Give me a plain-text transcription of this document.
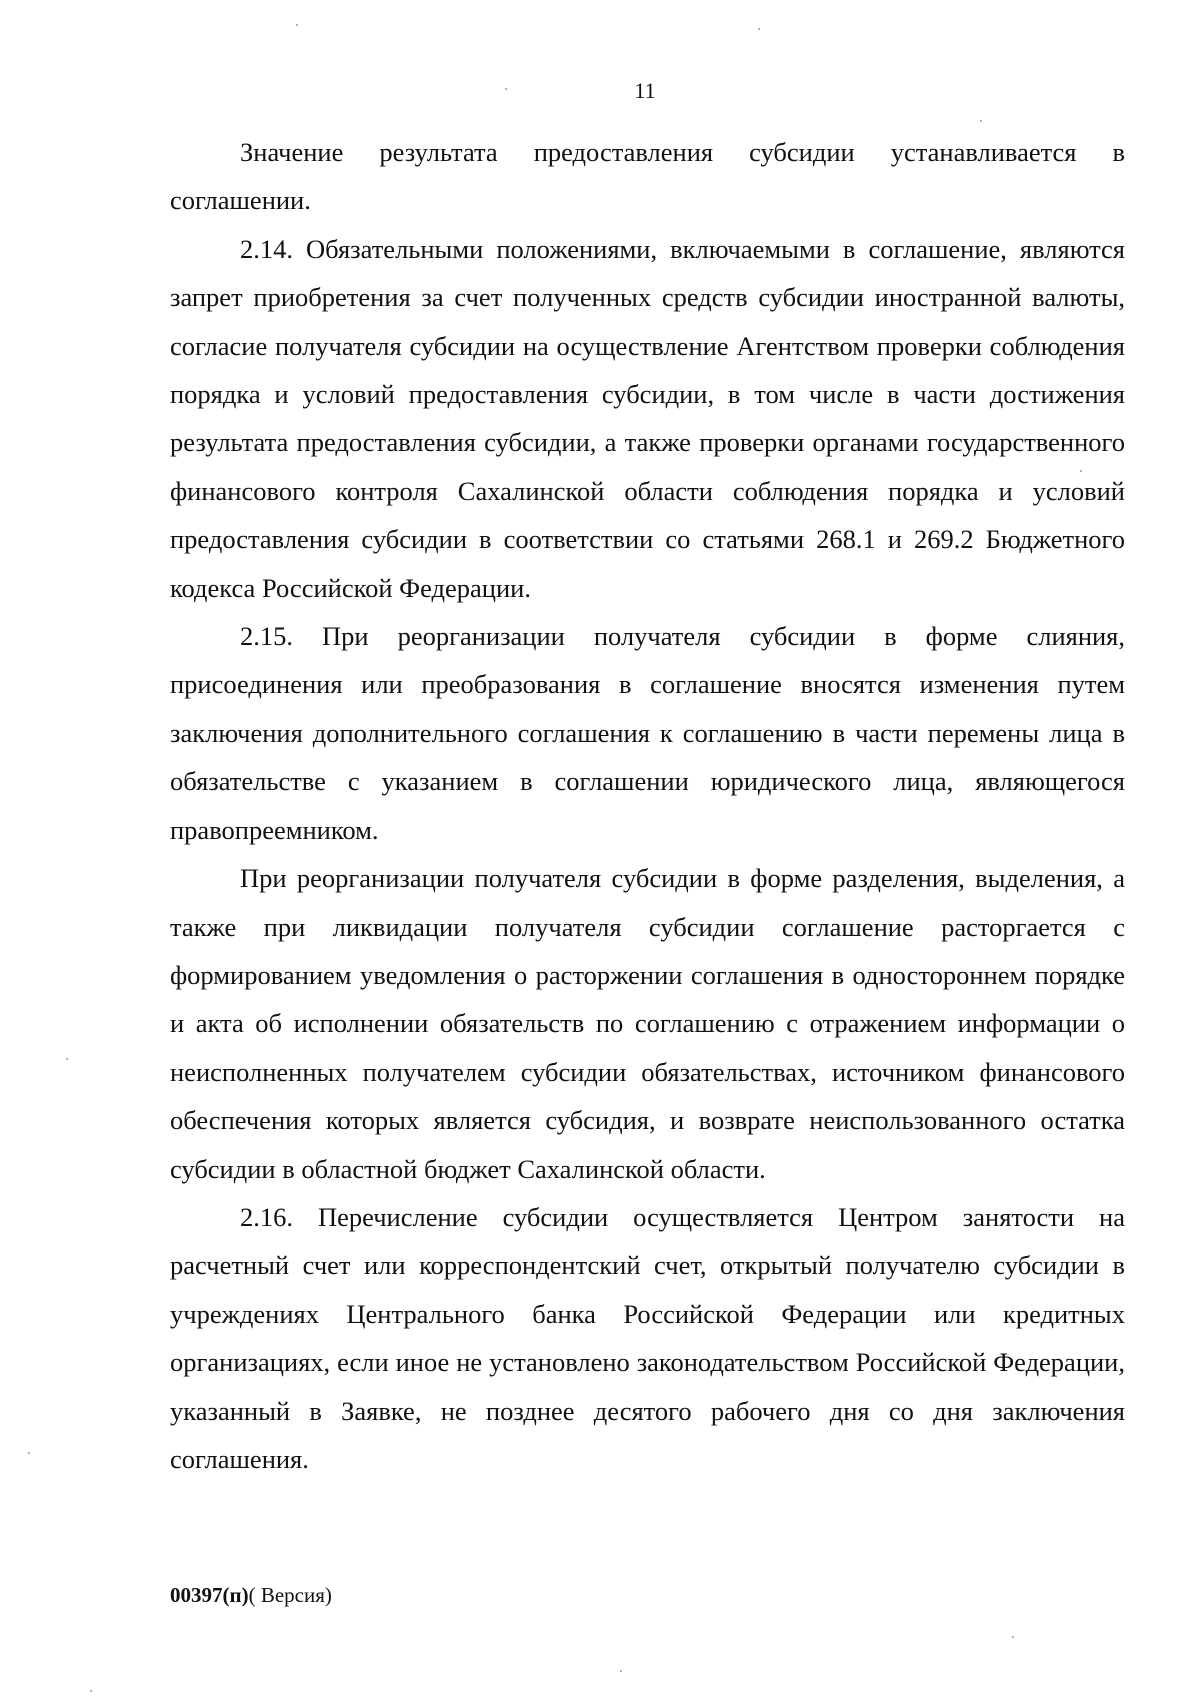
11

Значение результата предоставления субсидии устанавливается в соглашении.

2.14. Обязательными положениями, включаемыми в соглашение, являются запрет приобретения за счет полученных средств субсидии иностранной валюты, согласие получателя субсидии на осуществление Агентством проверки соблюдения порядка и условий предоставления субсидии, в том числе в части достижения результата предоставления субсидии, а также проверки органами государственного финансового контроля Сахалинской области соблюдения порядка и условий предоставления субсидии в соответствии со статьями 268.1 и 269.2 Бюджетного кодекса Российской Федерации.

2.15. При реорганизации получателя субсидии в форме слияния, присоединения или преобразования в соглашение вносятся изменения путем заключения дополнительного соглашения к соглашению в части перемены лица в обязательстве с указанием в соглашении юридического лица, являющегося правопреемником.

При реорганизации получателя субсидии в форме разделения, выделения, а также при ликвидации получателя субсидии соглашение расторгается с формированием уведомления о расторжении соглашения в одностороннем порядке и акта об исполнении обязательств по соглашению с отражением информации о неисполненных получателем субсидии обязательствах, источником финансового обеспечения которых является субсидия, и возврате неиспользованного остатка субсидии в областной бюджет Сахалинской области.

2.16. Перечисление субсидии осуществляется Центром занятости на расчетный счет или корреспондентский счет, открытый получателю субсидии в учреждениях Центрального банка Российской Федерации или кредитных организациях, если иное не установлено законодательством Российской Федерации, указанный в Заявке, не позднее десятого рабочего дня со дня заключения соглашения.

00397(п)( Версия)
